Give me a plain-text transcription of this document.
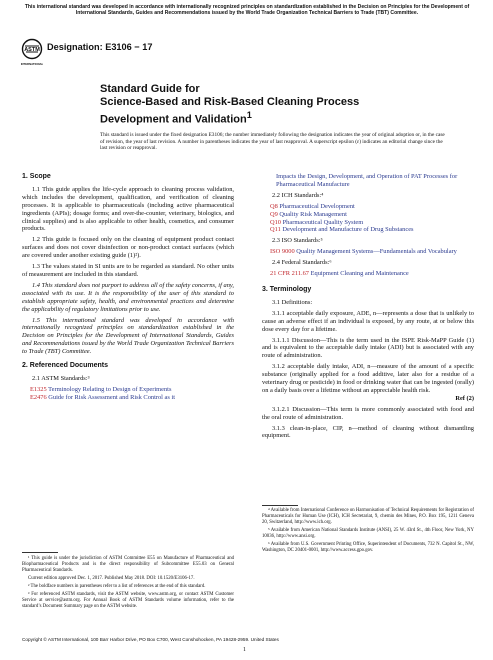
This international standard was developed in accordance with internationally recognized principles on standardization established in the Decision on Principles for the Development of International Standards, Guides and Recommendations issued by the World Trade Organization Technical Barriers to Trade (TBT) Committee.
ASTM
INTERNATIONAL
Designation: E3106 − 17
Standard Guide for
Science-Based and Risk-Based Cleaning Process Development and Validation$^1$
This standard is issued under the fixed designation E3106; the number immediately following the designation indicates the year of original adoption or, in the case of revision, the year of last revision. A number in parentheses indicates the year of last reapproval. A superscript epsilon (ε) indicates an editorial change since the last revision or reapproval.

1. Scope

1.1 This guide applies the life-cycle approach to cleaning process validation, which includes the development, qualification, and verification of cleaning processes. It is applicable to pharmaceuticals (including active pharmaceutical ingredients (APIs); dosage forms; and over-the-counter, veterinary, biologics, and clinical supplies) and is also applicable to other health, cosmetics, and consumer products.

1.2 This guide is focused only on the cleaning of equipment product contact surfaces and does not cover disinfection or non-product contact surfaces (which are covered under another existing guide (1)²).

1.3 The values stated in SI units are to be regarded as standard. No other units of measurement are included in this standard.

1.4 This standard does not purport to address all of the safety concerns, if any, associated with its use. It is the responsibility of the user of this standard to establish appropriate safety, health, and environmental practices and determine the applicability of regulatory limitations prior to use.

1.5 This international standard was developed in accordance with internationally recognized principles on standardization established in the Decision on Principles for the Development of International Standards, Guides and Recommendations issued by the World Trade Organization Technical Barriers to Trade (TBT) Committee.

2. Referenced Documents

2.1 ASTM Standards:³

E1325 Terminology Relating to Design of Experiments
E2476 Guide for Risk Assessment and Risk Control as it
Impacts the Design, Development, and Operation of PAT Processes for Pharmaceutical Manufacture

2.2 ICH Standards:⁴

Q8 Pharmaceutical Development
Q9 Quality Risk Management
Q10 Pharmaceutical Quality System
Q11 Development and Manufacture of Drug Substances

2.3 ISO Standards:⁵

ISO 9000 Quality Management Systems—Fundamentals and Vocabulary

2.4 Federal Standards:⁶

21 CFR 211.67 Equipment Cleaning and Maintenance

3. Terminology

3.1 Definitions:

3.1.1 acceptable daily exposure, ADE, n—represents a dose that is unlikely to cause an adverse effect if an individual is exposed, by any route, at or below this dose every day for a lifetime.

3.1.1.1 Discussion—This is the term used in the ISPE Risk-MaPP Guide (1) and is equivalent to the acceptable daily intake (ADI) but is associated with any route of administration.

3.1.2 acceptable daily intake, ADI, n—measure of the amount of a specific substance (originally applied for a food additive, later also for a residue of a veterinary drug or pesticide) in food or drinking water that can be ingested (orally) on a daily basis over a lifetime without an appreciable health risk.

Ref (2)

3.1.2.1 Discussion—This term is more commonly associated with food and the oral route of administration.

3.1.3 clean-in-place, CIP, n—method of cleaning without dismantling equipment.

¹ This guide is under the jurisdiction of ASTM Committee E55 on Manufacture of Pharmaceutical and Biopharmaceutical Products and is the direct responsibility of Subcommittee E55.03 on General Pharmaceutical Standards.

Current edition approved Dec. 1, 2017. Published May 2018. DOI: 10.1520/E3106-17.

² The boldface numbers in parentheses refer to a list of references at the end of this standard.

³ For referenced ASTM standards, visit the ASTM website, www.astm.org, or contact ASTM Customer Service at service@astm.org. For Annual Book of ASTM Standards volume information, refer to the standard’s Document Summary page on the ASTM website.

⁴ Available from International Conference on Harmonisation of Technical Requirements for Registration of Pharmaceuticals for Human Use (ICH), ICH Secretariat, 9, chemin des Mines, P.O. Box 195, 1211 Geneva 20, Switzerland, http://www.ich.org.

⁵ Available from American National Standards Institute (ANSI), 25 W. 43rd St., 4th Floor, New York, NY 10036, http://www.ansi.org.

⁶ Available from U.S. Government Printing Office, Superintendent of Documents, 732 N. Capitol St., NW, Washington, DC 20401-0001, http://www.access.gpo.gov.

Copyright © ASTM International, 100 Barr Harbor Drive, PO Box C700, West Conshohocken, PA 19428-2959. United States
1
